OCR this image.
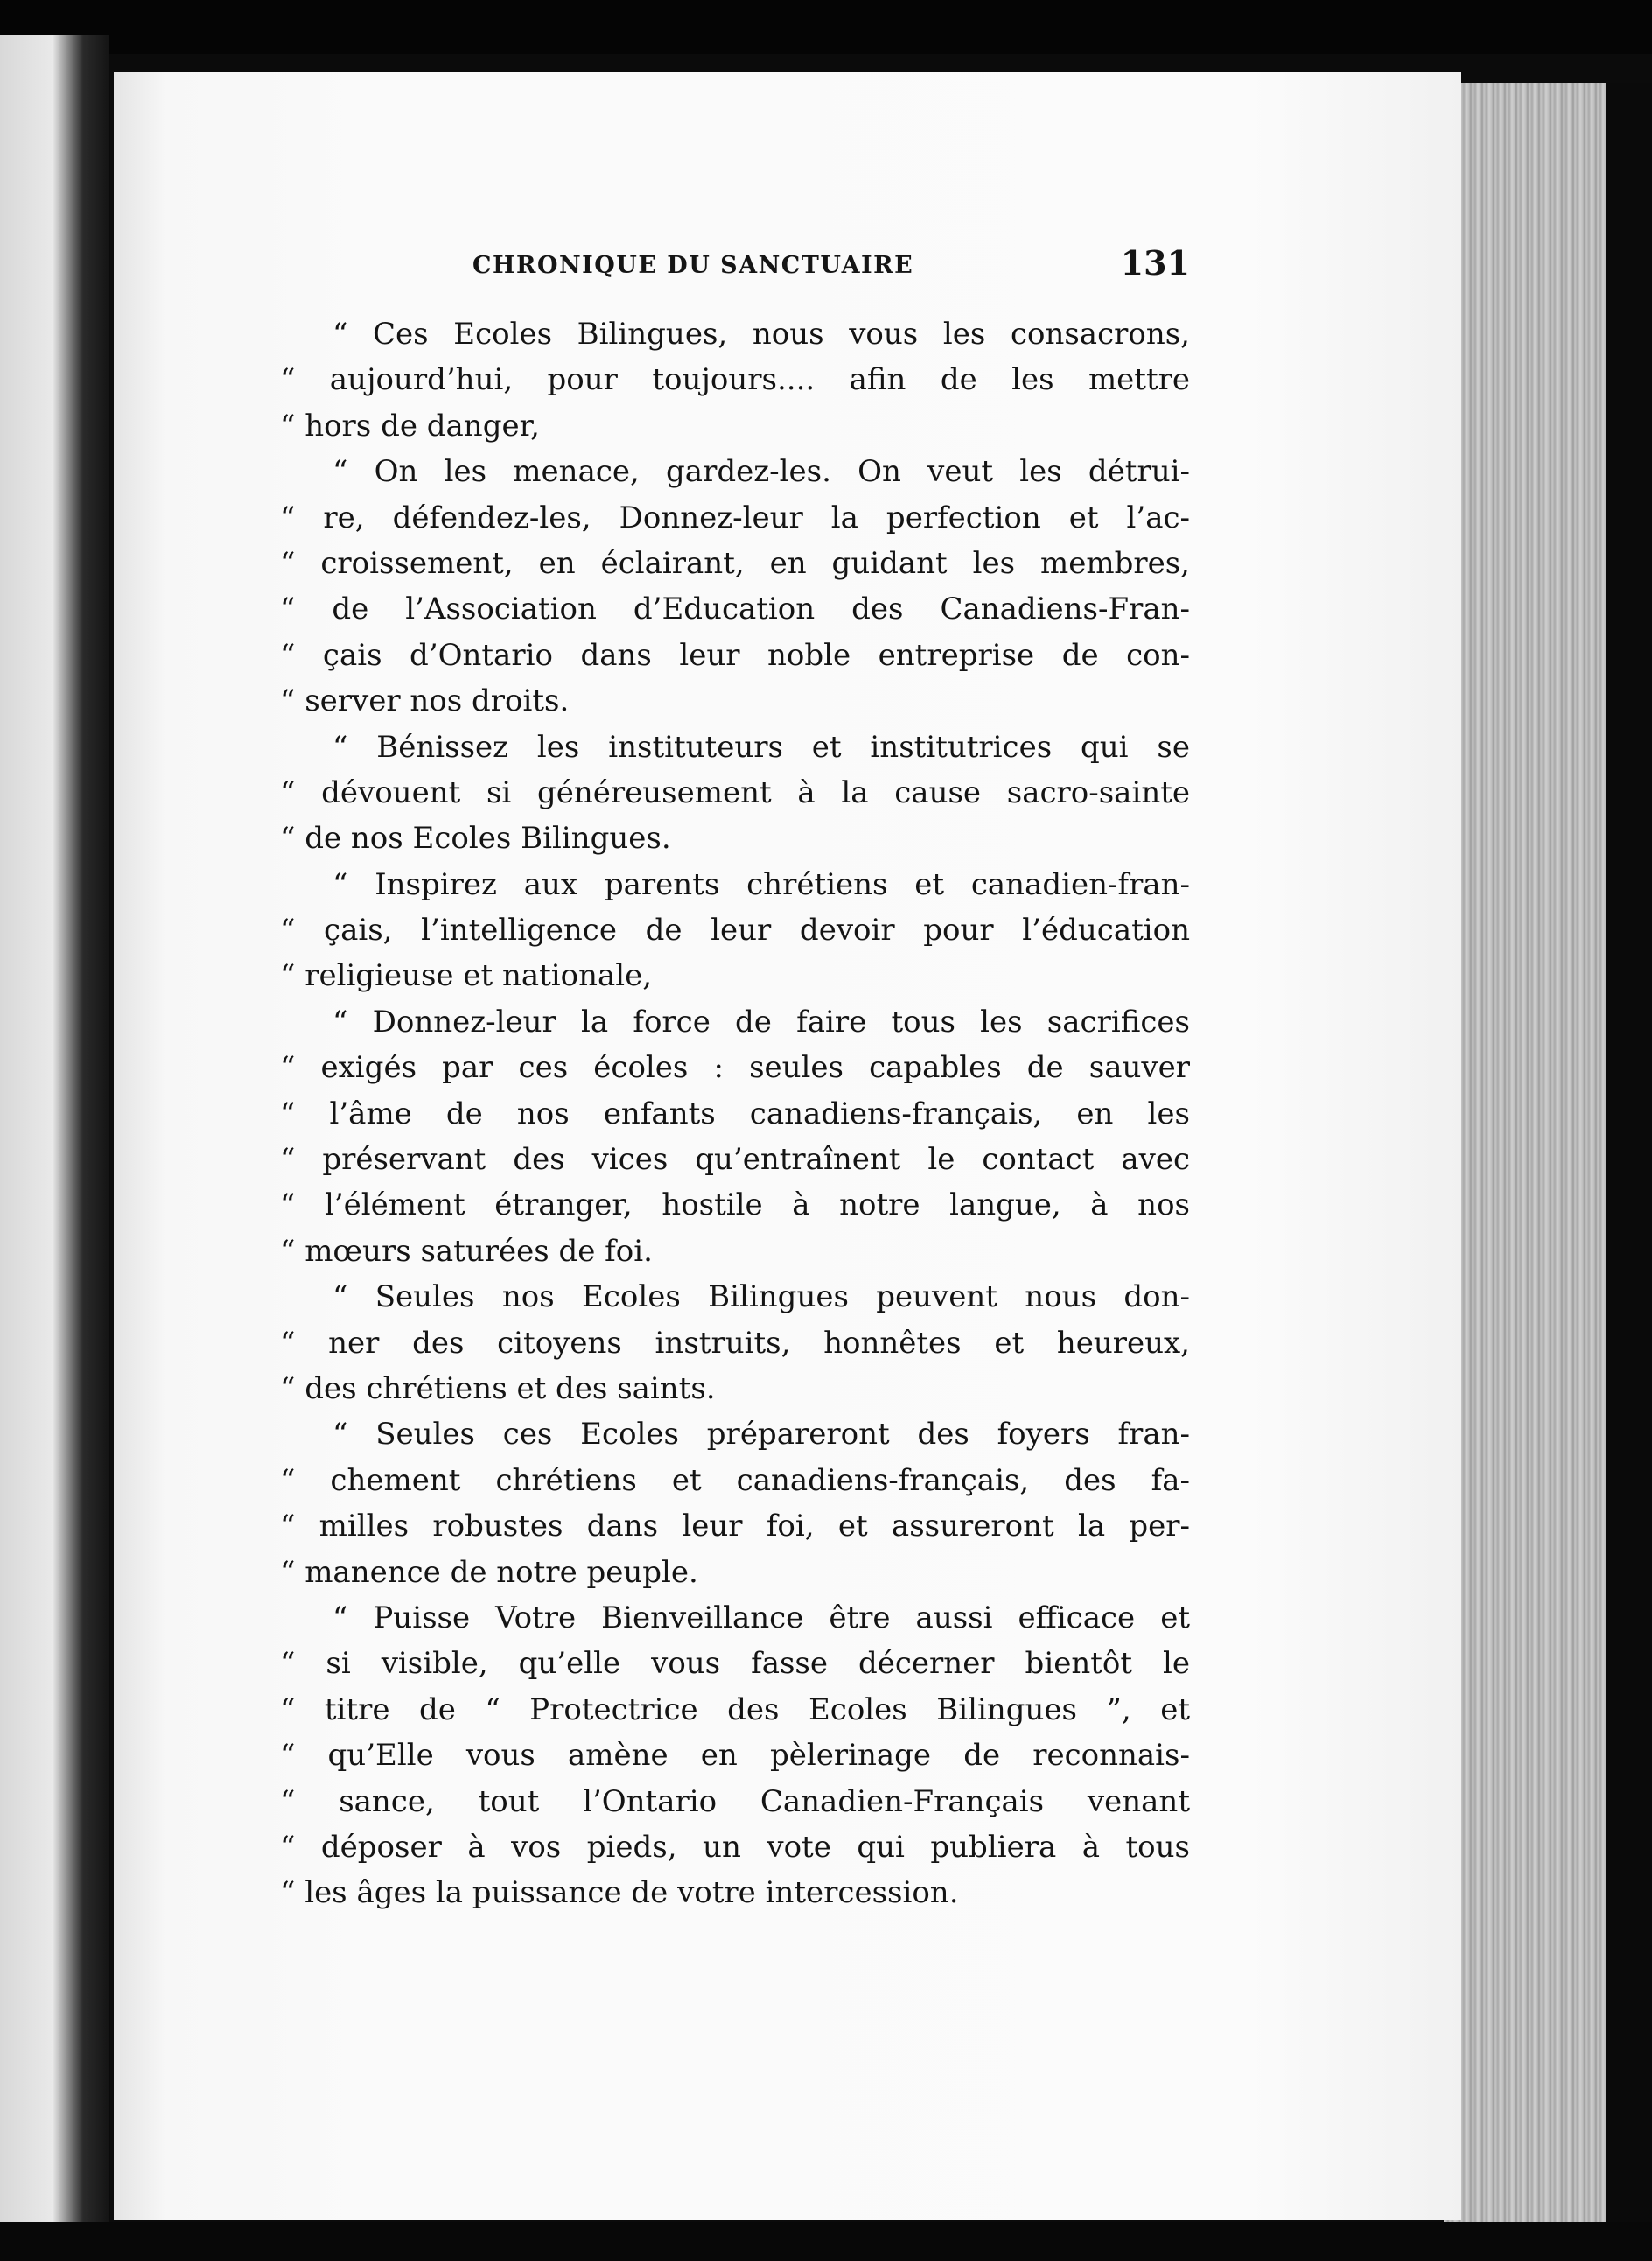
CHRONIQUE DU SANCTUAIRE	131
“ Ces Ecoles Bilingues, nous vous les consacrons,
“ aujourd’hui, pour toujours.... afin de les mettre
“ hors de danger,
“ On les menace, gardez-les. On veut les détrui-
“ re, défendez-les, Donnez-leur la perfection et l’ac-
“ croissement, en éclairant, en guidant les membres,
“ de l’Association d’Education des Canadiens-Fran-
“ çais d’Ontario dans leur noble entreprise de con-
“ server nos droits.
“ Bénissez les instituteurs et institutrices qui se
“ dévouent si généreusement à la cause sacro-sainte
“ de nos Ecoles Bilingues.
“ Inspirez aux parents chrétiens et canadien-fran-
“ çais, l’intelligence de leur devoir pour l’éducation
“ religieuse et nationale,
“ Donnez-leur la force de faire tous les sacrifices
“ exigés par ces écoles : seules capables de sauver
“ l’âme de nos enfants canadiens-français, en les
“ préservant des vices qu’entraînent le contact avec
“ l’élément étranger, hostile à notre langue, à nos
“ mœurs saturées de foi.
“ Seules nos Ecoles Bilingues peuvent nous don-
“ ner des citoyens instruits, honnêtes et heureux,
“ des chrétiens et des saints.
“ Seules ces Ecoles prépareront des foyers fran-
“ chement chrétiens et canadiens-français, des fa-
“ milles robustes dans leur foi, et assureront la per-
“ manence de notre peuple.
“ Puisse Votre Bienveillance être aussi efficace et
“ si visible, qu’elle vous fasse décerner bientôt le
“ titre de “ Protectrice des Ecoles Bilingues ”, et
“ qu’Elle vous amène en pèlerinage de reconnais-
“ sance, tout l’Ontario Canadien-Français venant
“ déposer à vos pieds, un vote qui publiera à tous
“ les âges la puissance de votre intercession.
